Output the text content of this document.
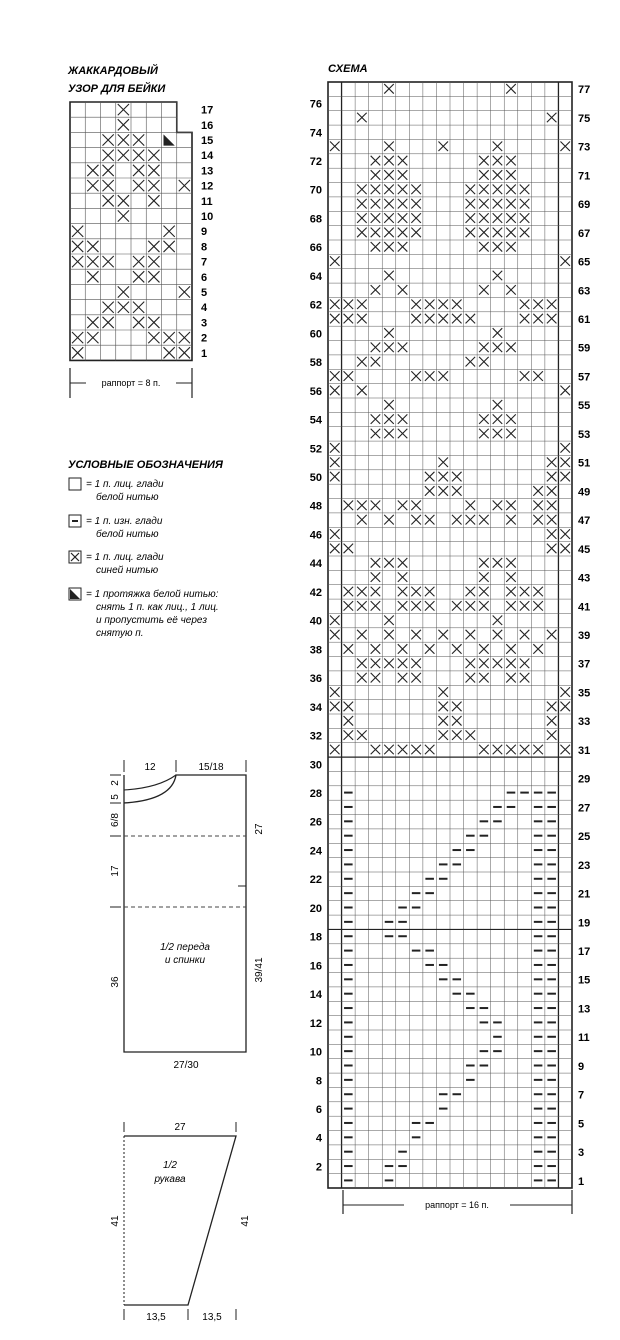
ЖАККАРДОВЫЙ
УЗОР ДЛЯ БЕЙКИ
1
2
3
4
5
6
7
8
9
10
11
12
13
14
15
16
17
раппорт = 8 п.
УСЛОВНЫЕ ОБОЗНАЧЕНИЯ
= 1 п. лиц. глади
белой нитью
= 1 п. изн. глади
белой нитью
= 1 п. лиц. глади
синей нитью
= 1 протяжка белой нитью:
снять 1 п. как лиц., 1 лиц.
и пропустить её через
снятую п.
12	15/18
2
5
6/8
17
36
27
39/41
27/30
1/2 переда
и спинки
27
41	41
13,5	13,5
1/2
рукава
СХЕМА
2
4
6
8
10
12
14
16
18
20
22
24
26
28
30
32
34
36
38
40
42
44
46
48
50
52
54
56
58
60
62
64
66
68
70
72
74
76
1
3
5
7
9
11
13
15
17
19
21
23
25
27
29
31
33
35
37
39
41
43
45
47
49
51
53
55
57
59
61
63
65
67
69
71
73
75
77
раппорт = 16 п.
